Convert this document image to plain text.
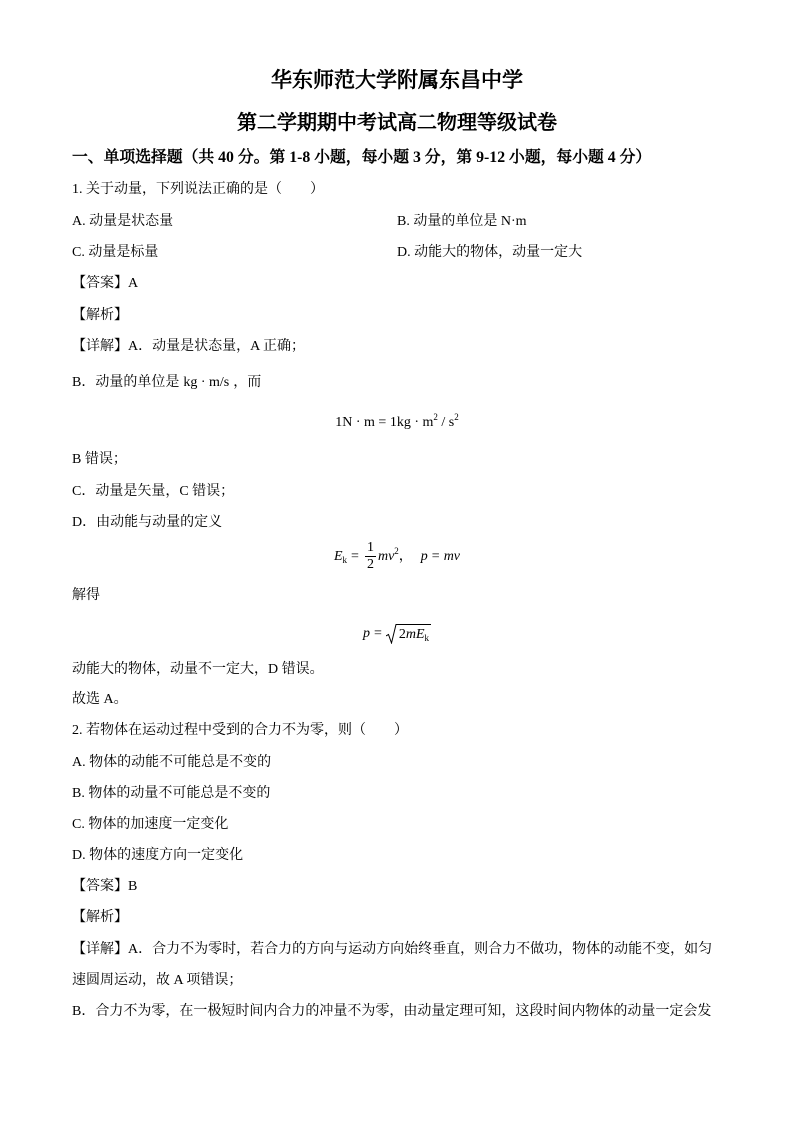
华东师范大学附属东昌中学
第二学期期中考试高二物理等级试卷
一、单项选择题（共 40 分。第 1-8 小题，每小题 3 分，第 9-12 小题，每小题 4 分）
1. 关于动量，下列说法正确的是（　　）
A. 动量是状态量	B. 动量的单位是 N·m
C. 动量是标量	D. 动能大的物体，动量一定大
【答案】A
【解析】
【详解】A．动量是状态量，A 正确；
B．动量的单位是 kg · m/s ，而
$1N \cdot m = 1kg \cdot m^2 / s^2$
B 错误；
C．动量是矢量，C 错误；
D．由动能与动量的定义
$E_k = \frac{1}{2} mv^2$， p = mv
解得
$p = 2mE_k$
动能大的物体，动量不一定大，D 错误。
故选 A。
2. 若物体在运动过程中受到的合力不为零，则（　　）
A. 物体的动能不可能总是不变的
B. 物体的动量不可能总是不变的
C. 物体的加速度一定变化
D. 物体的速度方向一定变化
【答案】B
【解析】
【详解】A．合力不为零时，若合力的方向与运动方向始终垂直，则合力不做功，物体的动能不变，如匀
速圆周运动，故 A 项错误；
B．合力不为零，在一极短时间内合力的冲量不为零，由动量定理可知，这段时间内物体的动量一定会发
